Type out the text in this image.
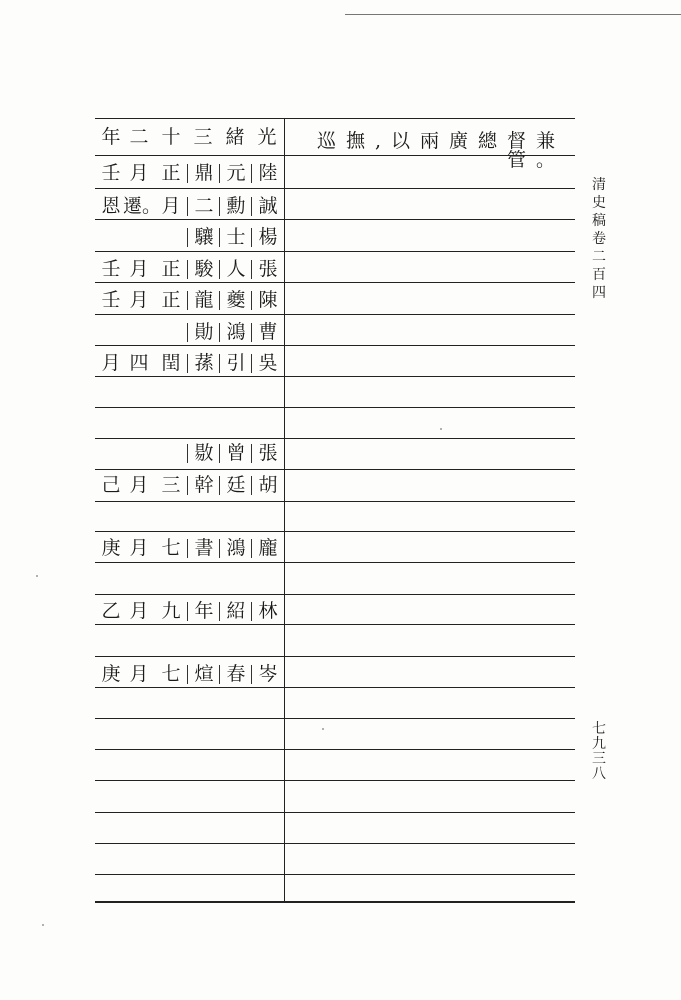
巡撫,以兩廣總督兼管。
光
緒
三
十
二
年
陸
元
鼎
正
月
壬
誠
勳
二
月
遷。
恩
楊
士
驤
張
人
駿
正
月
壬
陳
夔
龍
正
月
壬
曹
鴻
勛
吳
引
蓀
閏
四
月
張
曾
敭
胡
廷
幹
三
月
己
龐
鴻
書
七
月
庚
林
紹
年
九
月
乙
岑
春
煊
七
月
庚
清
史
稿
卷
二
百
四
七
九
三
八
